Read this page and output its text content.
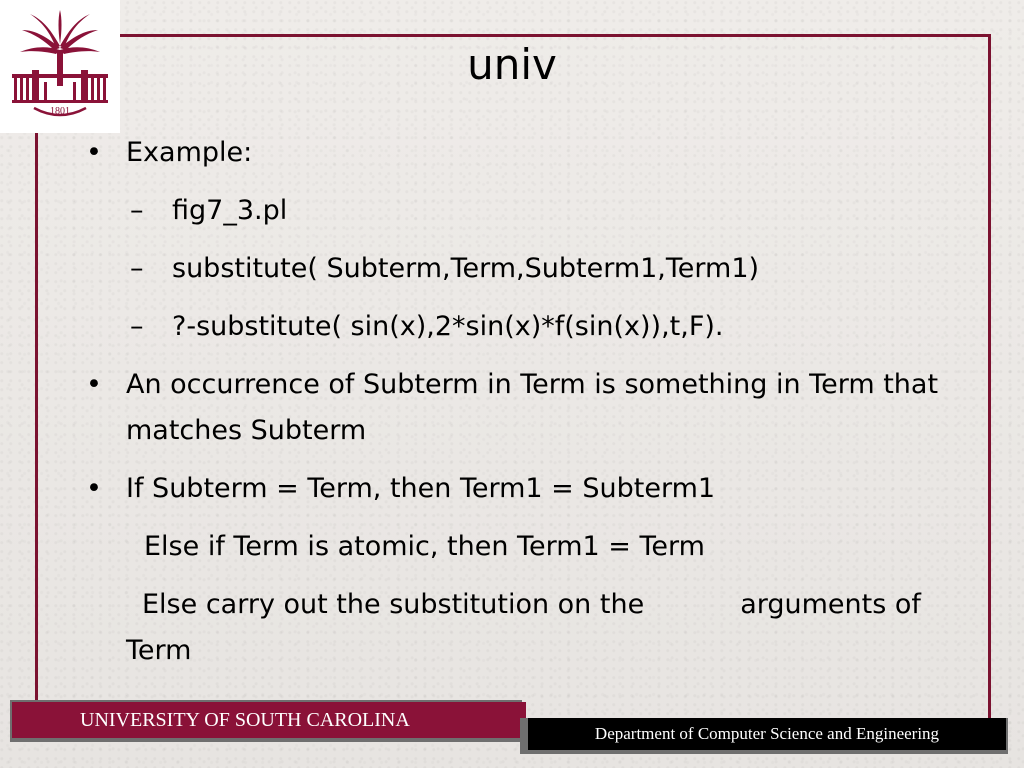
1801
univ
• Example:
– fig7_3.pl
– substitute( Subterm,Term,Subterm1,Term1)
– ?-substitute( sin(x),2*sin(x)*f(sin(x)),t,F).
• An occurrence of Subterm in Term is something in Term that matches Subterm
• If Subterm = Term, then Term1 = Subterm1
Else if Term is atomic, then Term1 = Term
Else carry out the substitution on the	arguments of Term
UNIVERSITY OF SOUTH CAROLINA
Department of Computer Science and Engineering
